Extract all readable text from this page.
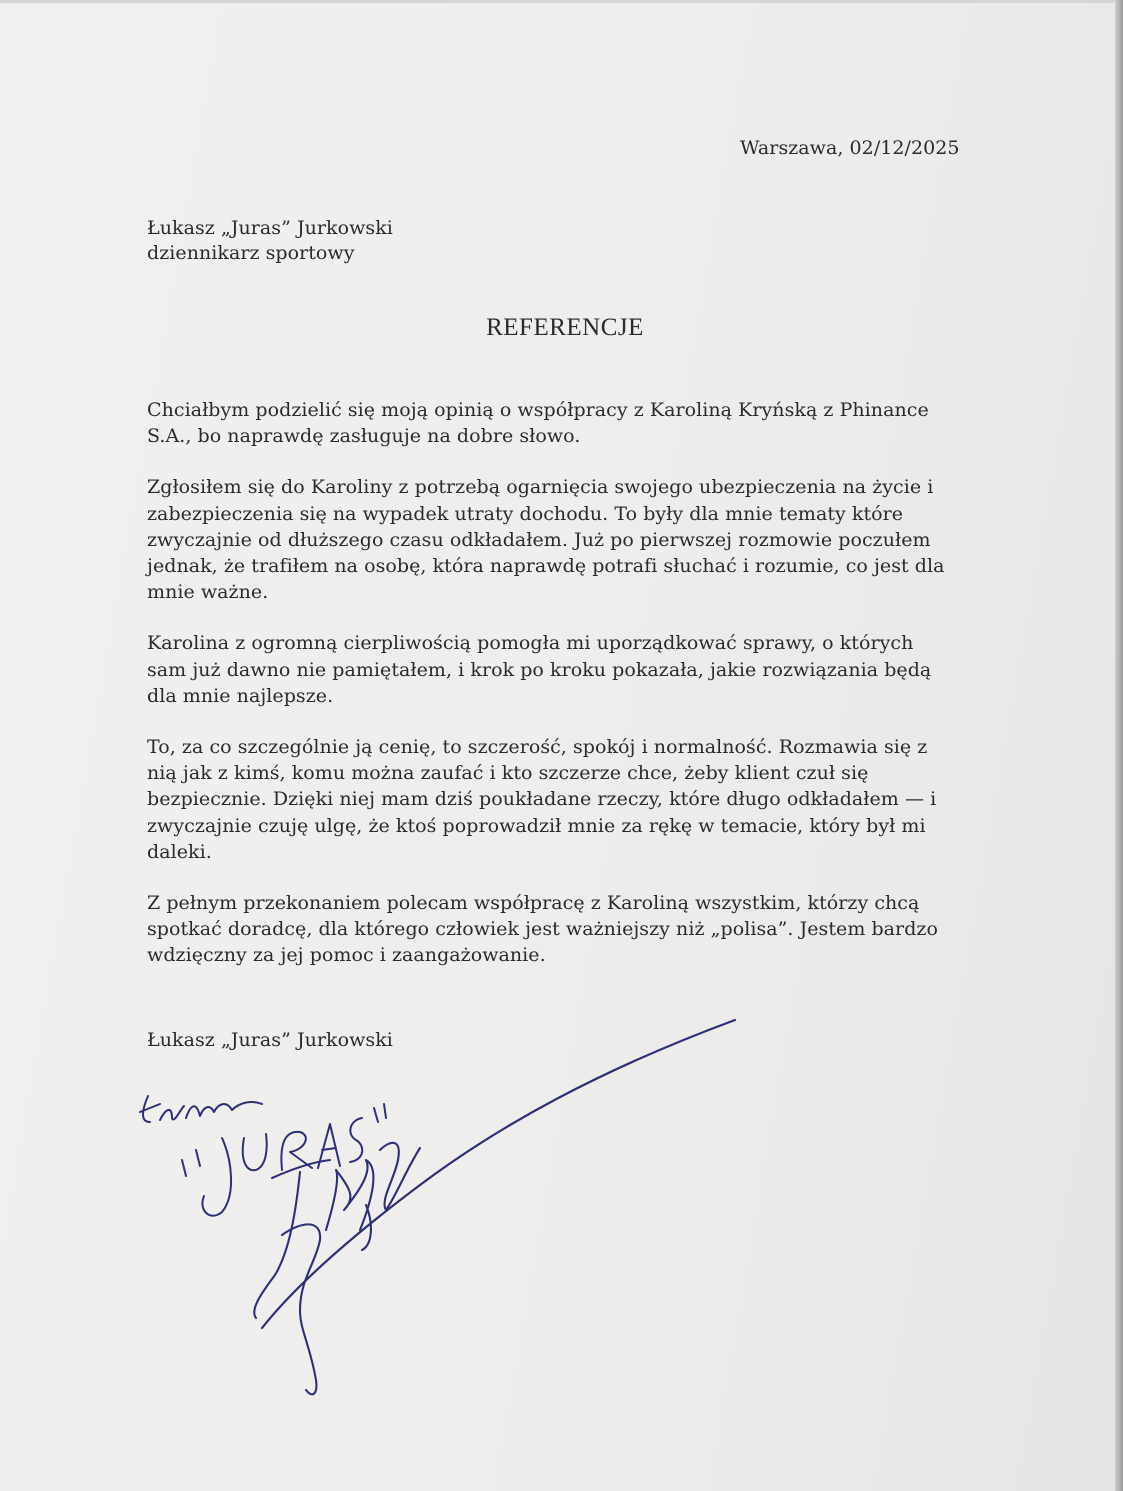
Warszawa, 02/12/2025
Łukasz „Juras” Jurkowski
dziennikarz sportowy
REFERENCJE

Chciałbym podzielić się moją opinią o współpracy z Karoliną Kryńską z Phinance S.A., bo naprawdę zasługuje na dobre słowo.

Zgłosiłem się do Karoliny z potrzebą ogarnięcia swojego ubezpieczenia na życie i zabezpieczenia się na wypadek utraty dochodu. To były dla mnie tematy które zwyczajnie od dłuższego czasu odkładałem. Już po pierwszej rozmowie poczułem jednak, że trafiłem na osobę, która naprawdę potrafi słuchać i rozumie, co jest dla mnie ważne.

Karolina z ogromną cierpliwością pomogła mi uporządkować sprawy, o których sam już dawno nie pamiętałem, i krok po kroku pokazała, jakie rozwiązania będą dla mnie najlepsze.

To, za co szczególnie ją cenię, to szczerość, spokój i normalność. Rozmawia się z nią jak z kimś, komu można zaufać i kto szczerze chce, żeby klient czuł się bezpiecznie. Dzięki niej mam dziś poukładane rzeczy, które długo odkładałem — i zwyczajnie czuję ulgę, że ktoś poprowadził mnie za rękę w temacie, który był mi daleki.

Z pełnym przekonaniem polecam współpracę z Karoliną wszystkim, którzy chcą spotkać doradcę, dla którego człowiek jest ważniejszy niż „polisa”. Jestem bardzo wdzięczny za jej pomoc i zaangażowanie.

Łukasz „Juras” Jurkowski
